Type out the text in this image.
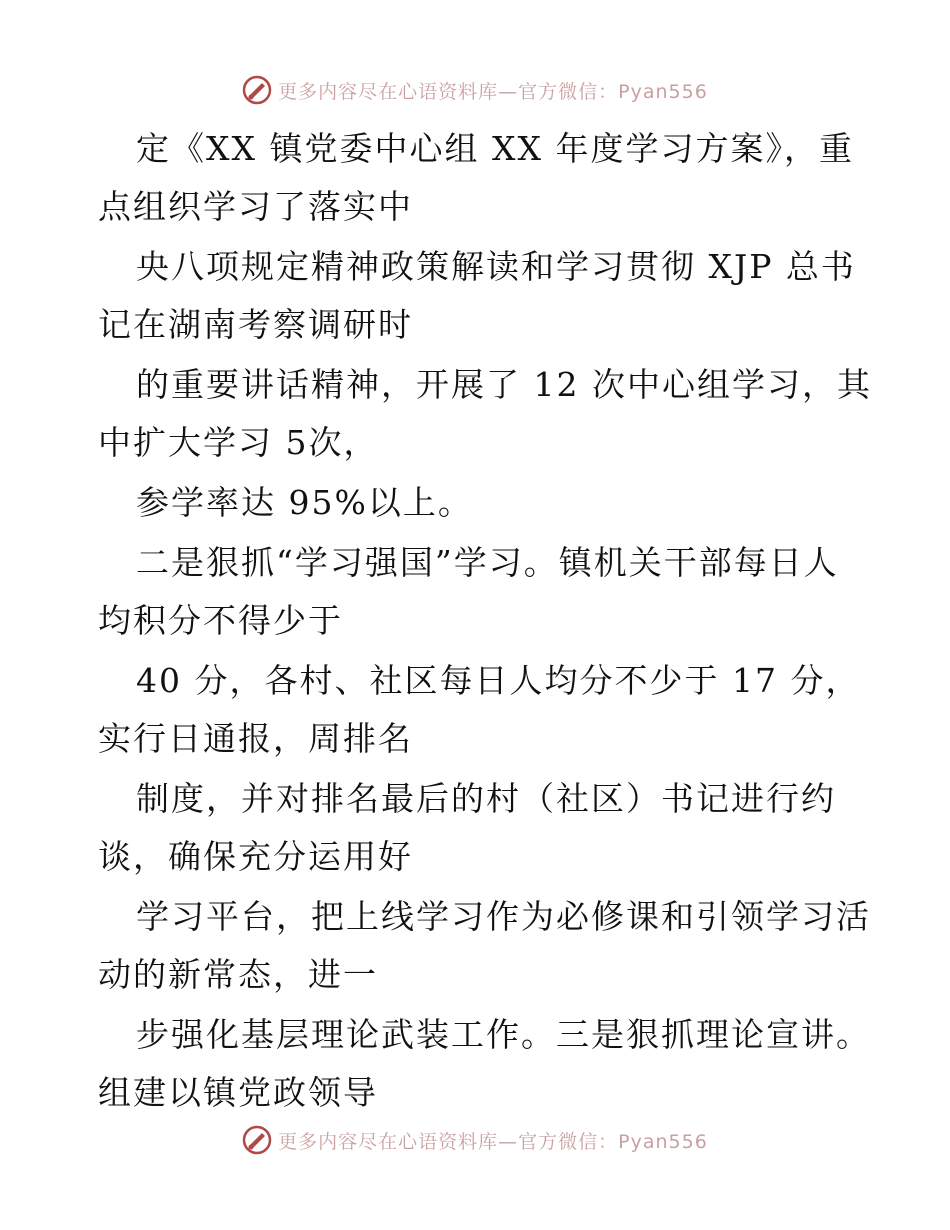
更多内容尽在心语资料库—官方微信：Pyan556

定《XX 镇党委中心组 XX 年度学习方案》，重
点组织学习了落实中

央八项规定精神政策解读和学习贯彻 XJP 总书
记在湖南考察调研时

的重要讲话精神，开展了 12 次中心组学习，其
中扩大学习 5次，

参学率达 95%以上。

二是狠抓“学习强国”学习。镇机关干部每日人
均积分不得少于

40 分，各村、社区每日人均分不少于 17 分，
实行日通报，周排名

制度，并对排名最后的村（社区）书记进行约
谈，确保充分运用好

学习平台，把上线学习作为必修课和引领学习活
动的新常态，进一

步强化基层理论武装工作。三是狠抓理论宣讲。
组建以镇党政领导

更多内容尽在心语资料库—官方微信：Pyan556
